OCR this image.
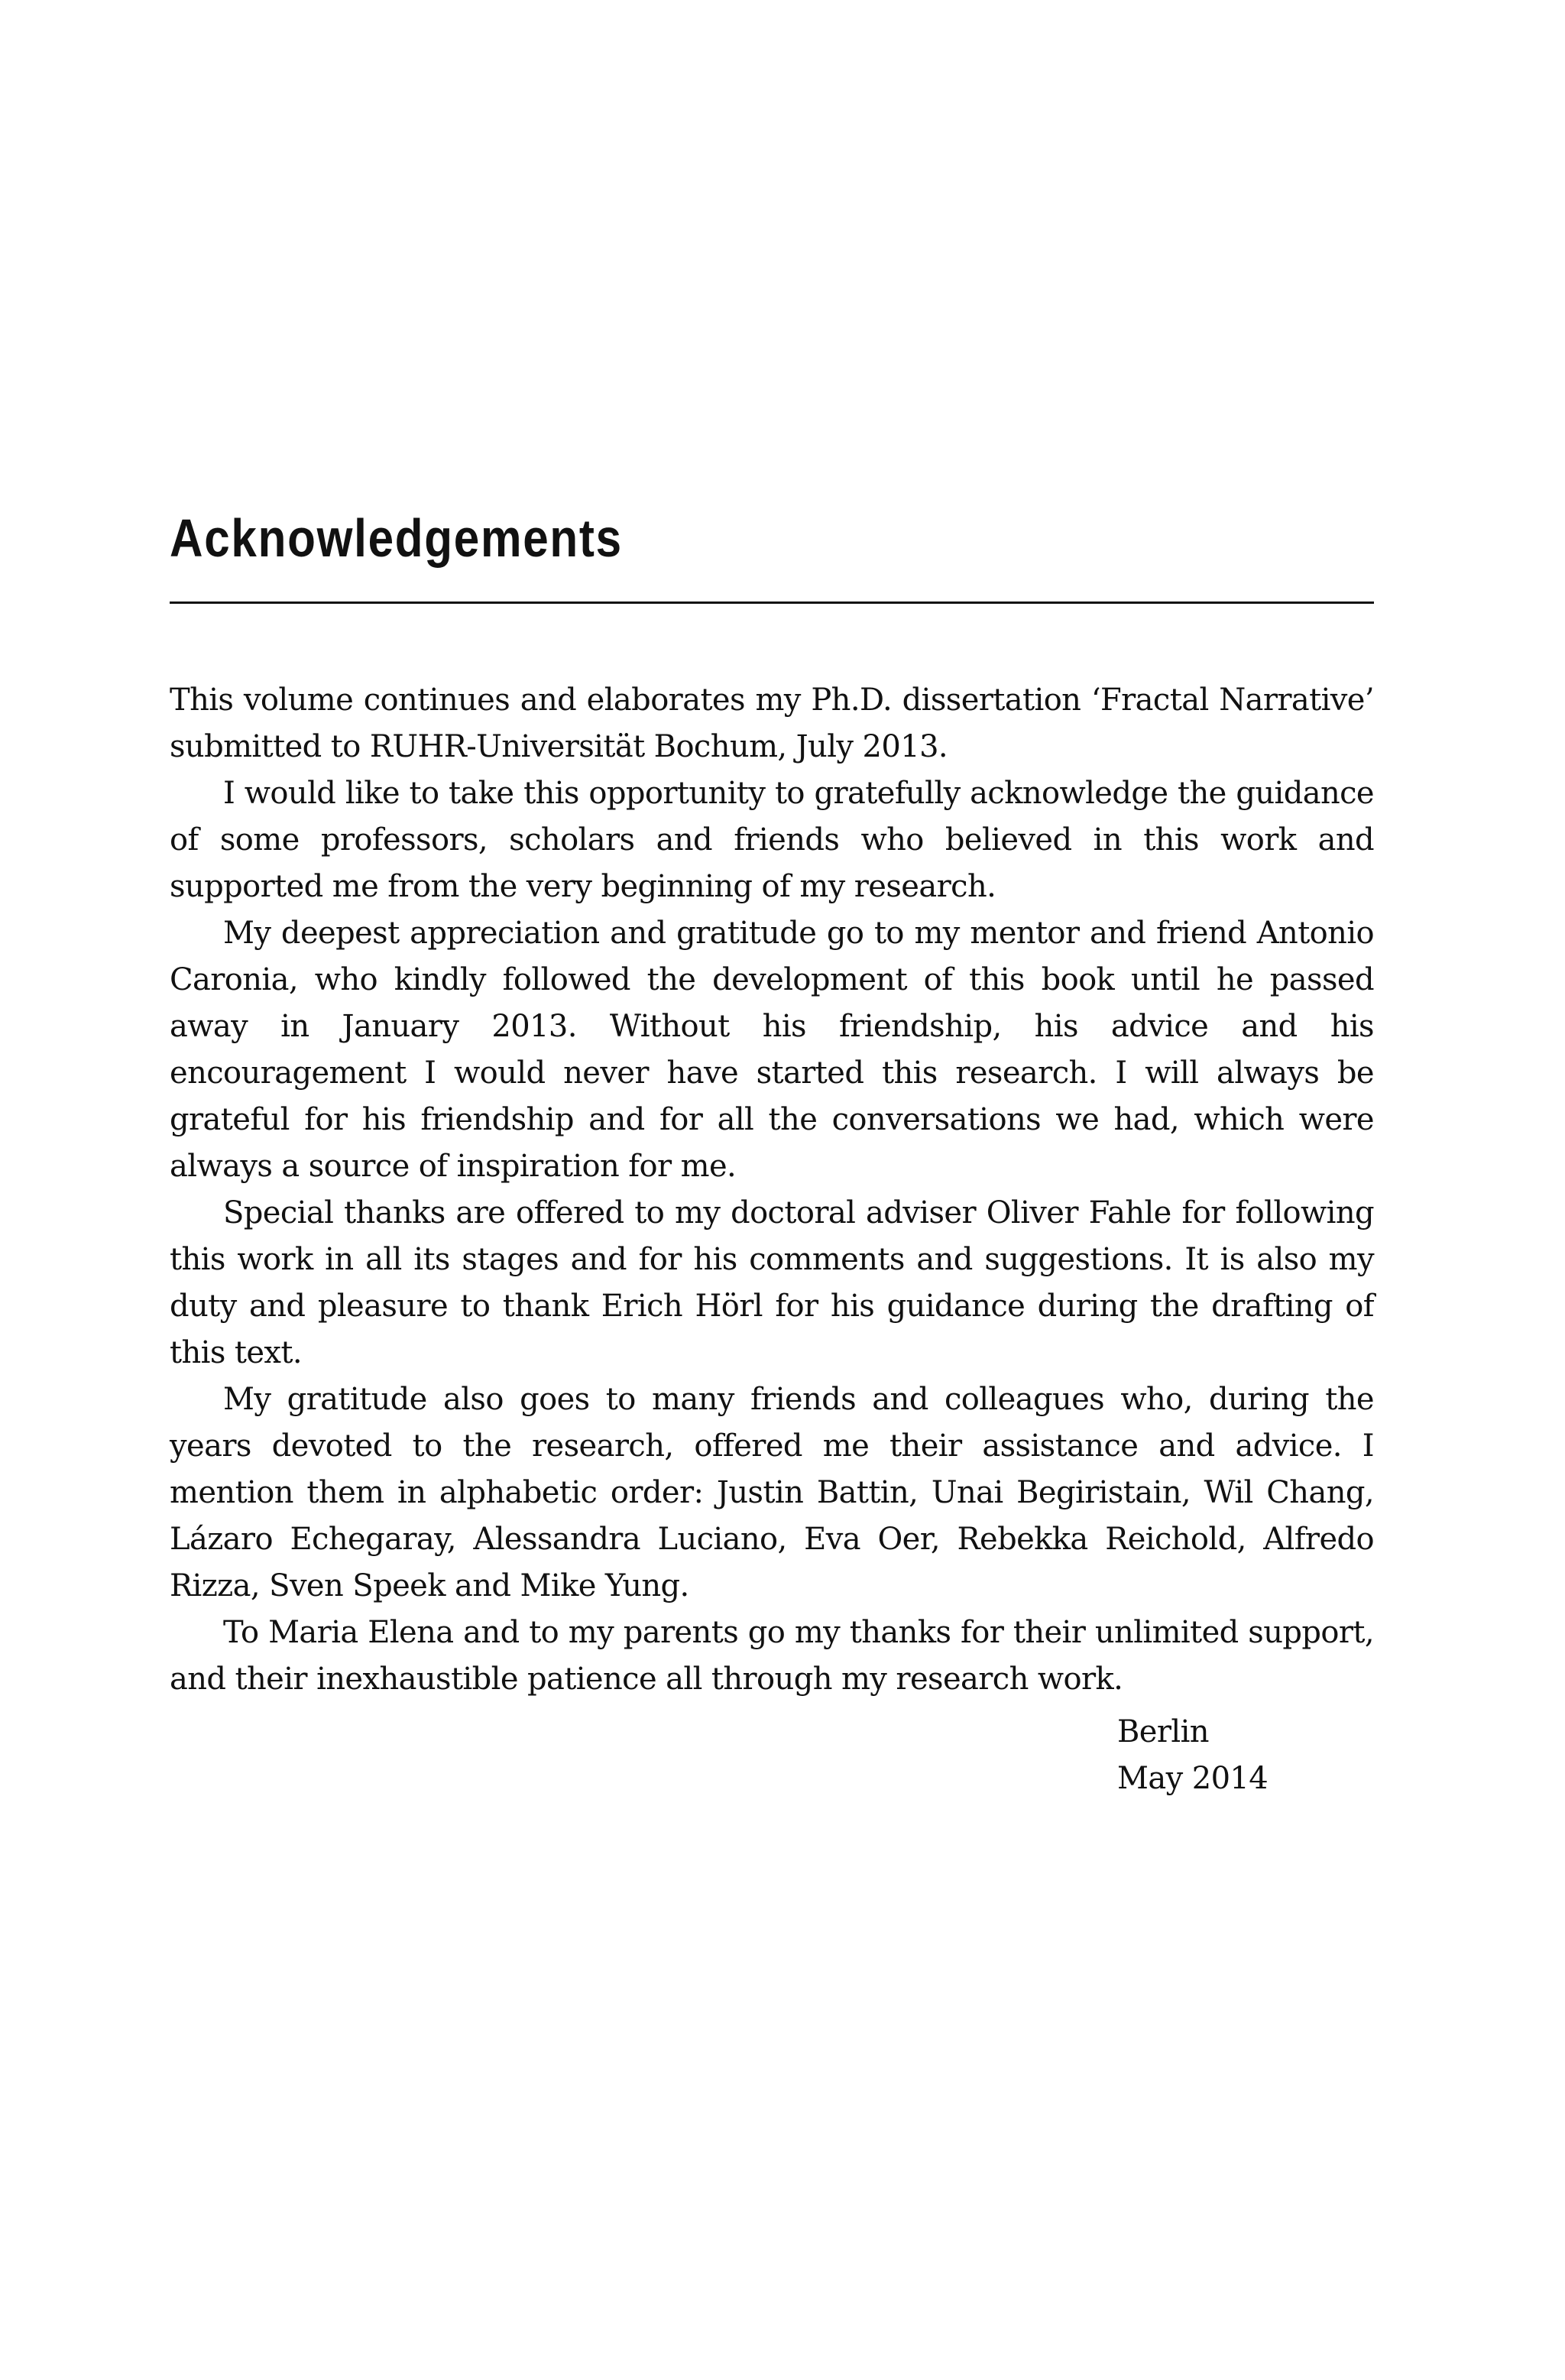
Acknowledgements

This volume continues and elaborates my Ph.D. dissertation ‘Fractal Narrative’ submitted to RUHR-Universität Bochum, July 2013.

I would like to take this opportunity to gratefully acknowledge the guidance of some professors, scholars and friends who believed in this work and supported me from the very beginning of my research.

My deepest appreciation and gratitude go to my mentor and friend Antonio Caronia, who kindly followed the development of this book until he passed away in January 2013. Without his friendship, his advice and his encouragement I would never have started this research. I will always be grateful for his friendship and for all the conversations we had, which were always a source of inspiration for me.

Special thanks are offered to my doctoral adviser Oliver Fahle for following this work in all its stages and for his comments and suggestions. It is also my duty and pleasure to thank Erich Hörl for his guidance during the drafting of this text.

My gratitude also goes to many friends and colleagues who, during the years devoted to the research, offered me their assistance and advice. I mention them in alphabetic order: Justin Battin, Unai Begiristain, Wil Chang, Lázaro Echegaray, Alessandra Luciano, Eva Oer, Rebekka Reichold, Alfredo Rizza, Sven Speek and Mike Yung.

To Maria Elena and to my parents go my thanks for their unlimited support, and their inexhaustible patience all through my research work.

Berlin
May 2014
